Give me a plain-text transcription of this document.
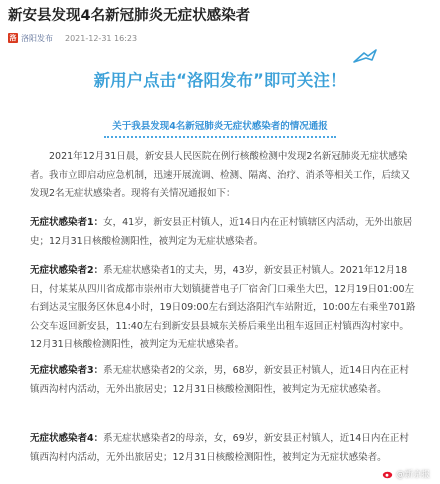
新安县发现4名新冠肺炎无症状感染者
洛 洛阳发布 2021-12-31 16:23
新用户点击“洛阳发布”即可关注！
关于我县发现4名新冠肺炎无症状感染者的情况通报
2021年12月31日晨，新安县人民医院在例行核酸检测中发现2名新冠肺炎无症状感染者。我市立即启动应急机制，迅速开展流调、检测、隔离、治疗、消杀等相关工作，后续又发现2名无症状感染者。现将有关情况通报如下：
无症状感染者1：女，41岁，新安县正村镇人，近14日内在正村镇辖区内活动，无外出旅居史；12月31日核酸检测阳性，被判定为无症状感染者。
无症状感染者2：系无症状感染者1的丈夫，男，43岁，新安县正村镇人。2021年12月18日，付某某从四川省成都市崇州市大划镇捷普电子厂宿舍门口乘坐大巴，12月19日01:00左右到达灵宝服务区休息4小时，19日09:00左右到达洛阳汽车站附近，10:00左右乘坐701路公交车返回新安县，11:40左右到新安县县城东关桥后乘坐出租车返回正村镇西沟村家中。12月31日核酸检测阳性，被判定为无症状感染者。
无症状感染者3：系无症状感染者2的父亲，男，68岁，新安县正村镇人，近14日内在正村镇西沟村内活动，无外出旅居史；12月31日核酸检测阳性，被判定为无症状感染者。
无症状感染者4：系无症状感染者2的母亲，女，69岁，新安县正村镇人，近14日内在正村镇西沟村内活动，无外出旅居史；12月31日核酸检测阳性，被判定为无症状感染者。
@新京报
